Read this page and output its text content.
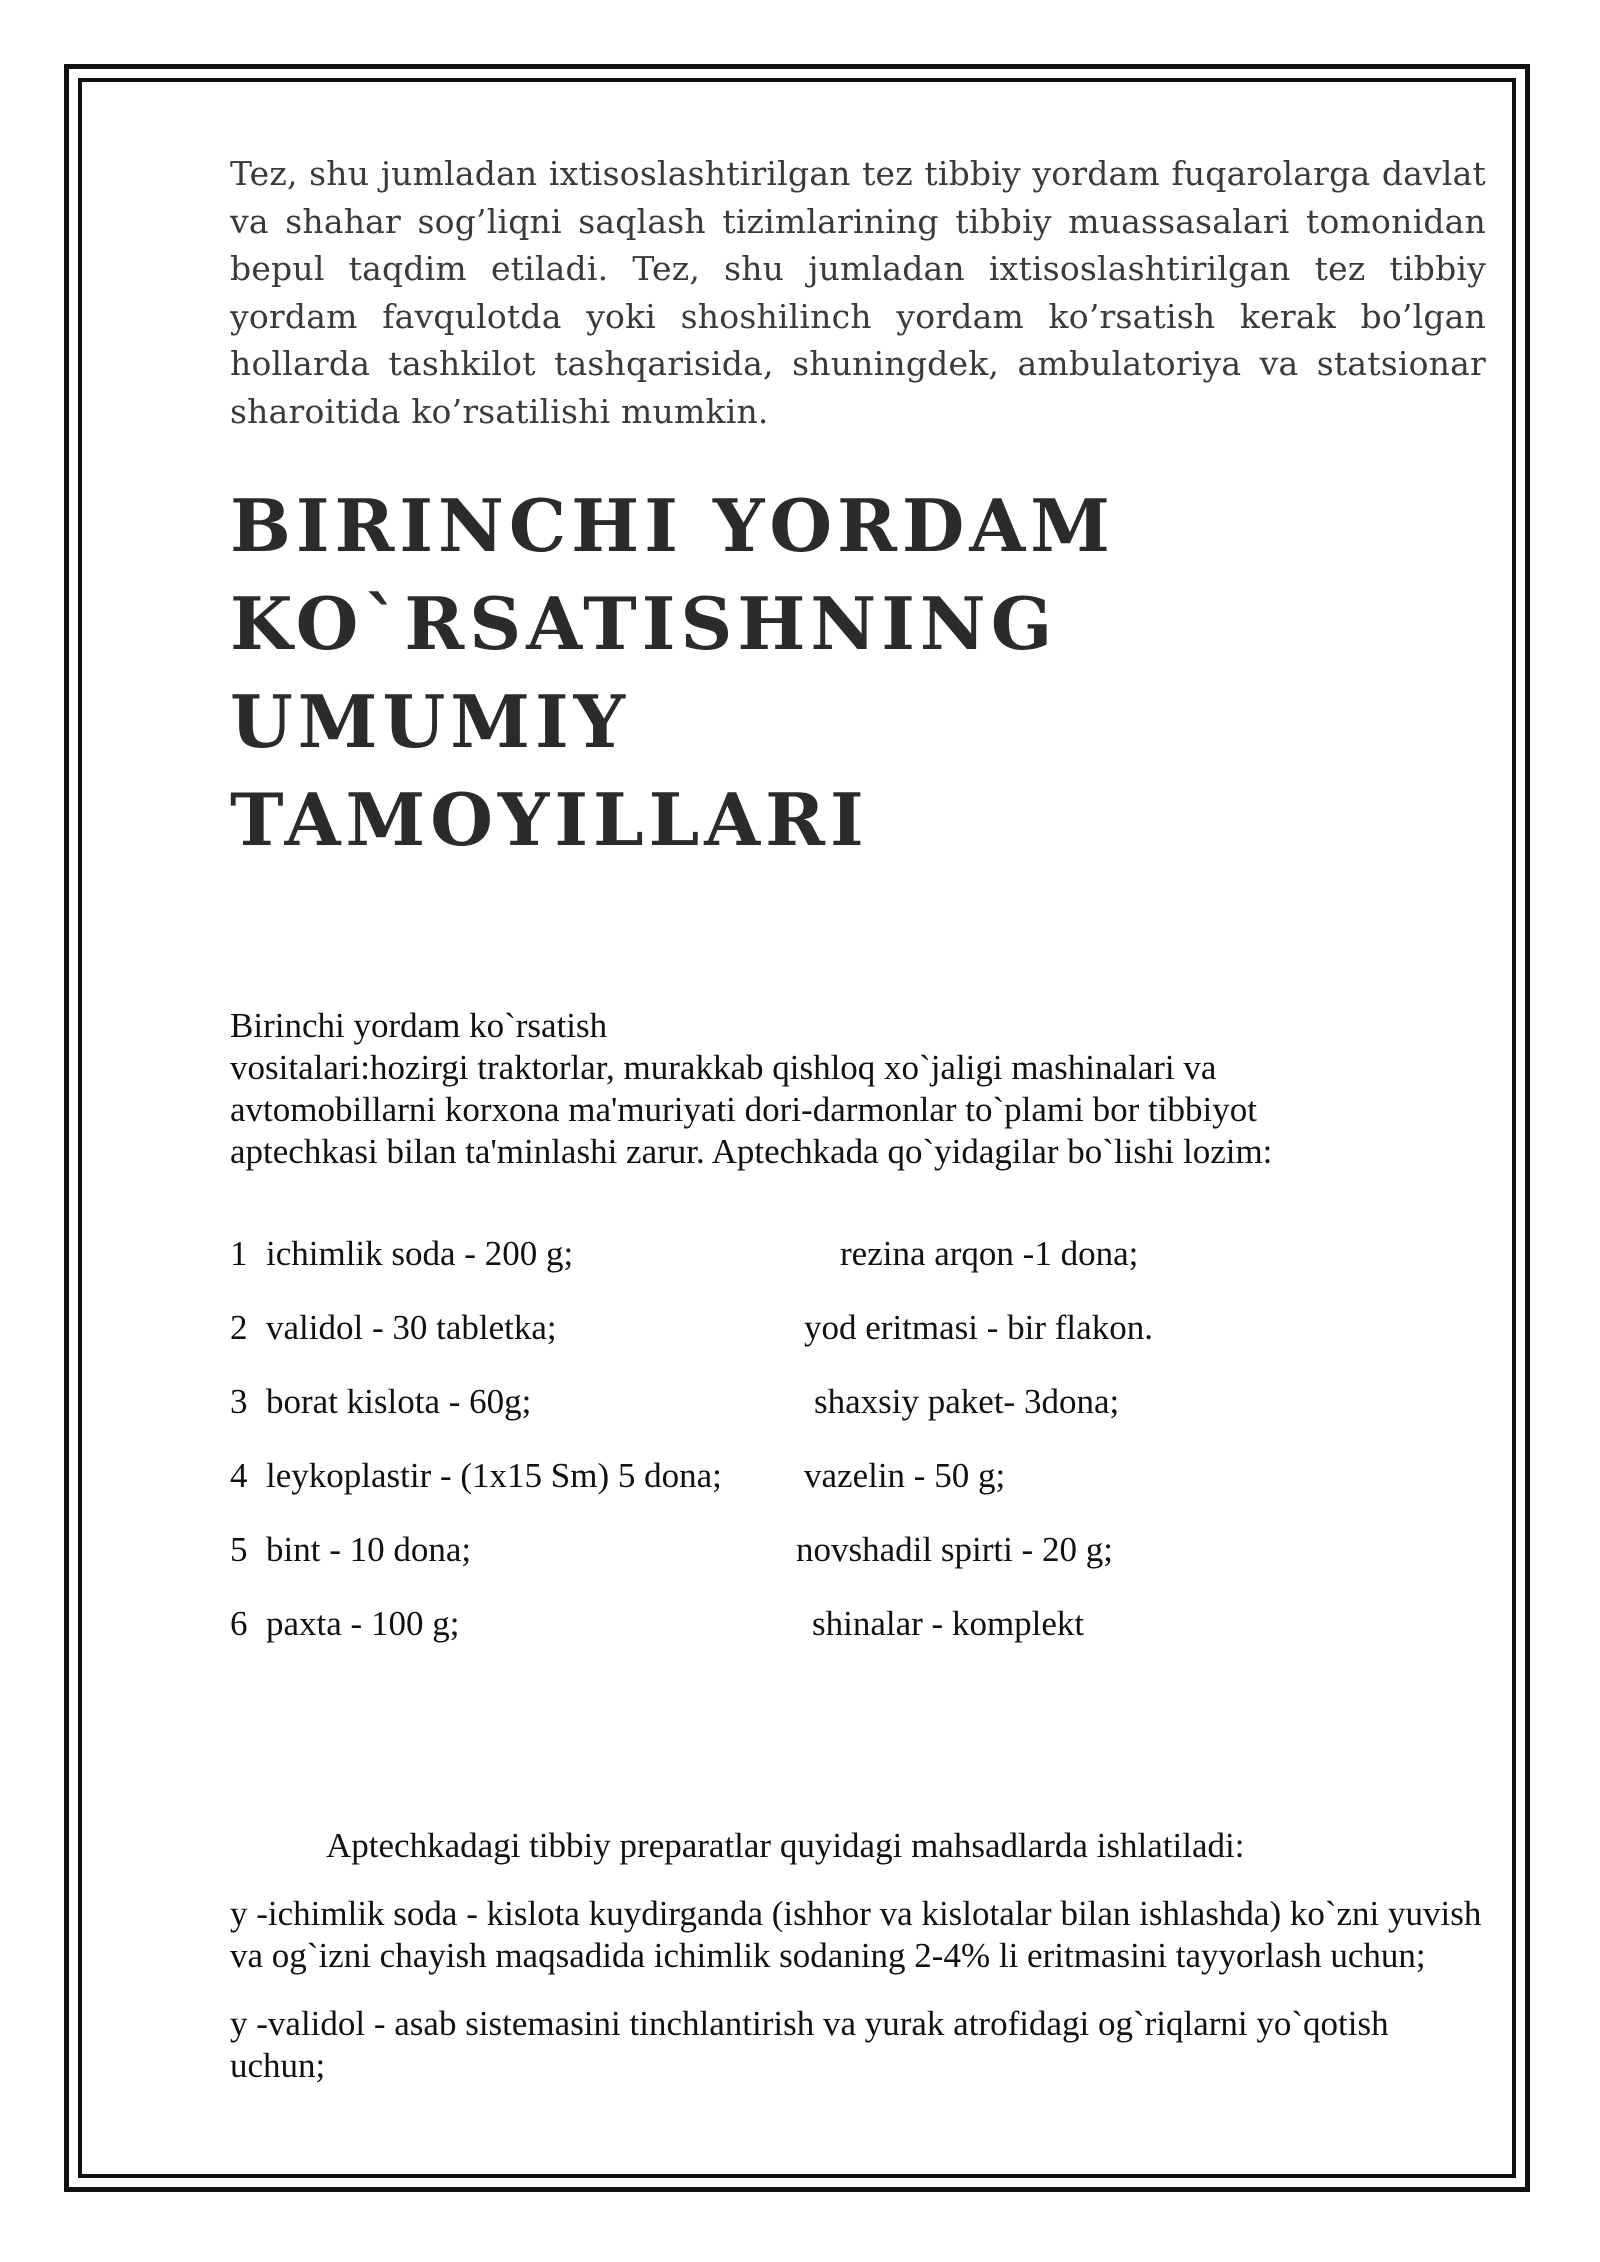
Tez, shu jumladan ixtisoslashtirilgan tez tibbiy yordam fuqarolarga davlat va shahar sog’liqni saqlash tizimlarining tibbiy muassasalari tomonidan bepul taqdim etiladi. Tez, shu jumladan ixtisoslashtirilgan tez tibbiy yordam favqulotda yoki shoshilinch yordam ko’rsatish kerak bo’lgan hollarda tashkilot tashqarisida, shuningdek, ambulatoriya va statsionar sharoitida ko’rsatilishi mumkin.

BIRINCHI YORDAM
KO`RSATISHNING UMUMIY
TAMOYILLARI
Birinchi yordam ko`rsatish
vositalari:hozirgi traktorlar, murakkab qishloq xo`jaligi mashinalari va
avtomobillarni korxona ma'muriyati dori-darmonlar to`plami bor tibbiyot
aptechkasi bilan ta'minlashi zarur. Aptechkada qo`yidagilar bo`lishi lozim:
1 ichimlik soda - 200 g;	rezina arqon -1 dona;
2 validol - 30 tabletka;	yod eritmasi - bir flakon.
3 borat kislota - 60g;	shaxsiy paket- 3dona;
4 leykoplastir - (1x15 Sm) 5 dona; vazelin - 50 g;
5 bint - 10 dona;	novshadil spirti - 20 g;
6 paxta - 100 g;	shinalar - komplekt
Aptechkadagi tibbiy preparatlar quyidagi mahsadlarda ishlatiladi:
y -ichimlik soda - kislota kuydirganda (ishhor va kislotalar bilan ishlashda) ko`zni yuvish va og`izni chayish maqsadida ichimlik sodaning 2-4% li eritmasini tayyorlash uchun;
y -validol - asab sistemasini tinchlantirish va yurak atrofidagi og`riqlarni yo`qotish uchun;
